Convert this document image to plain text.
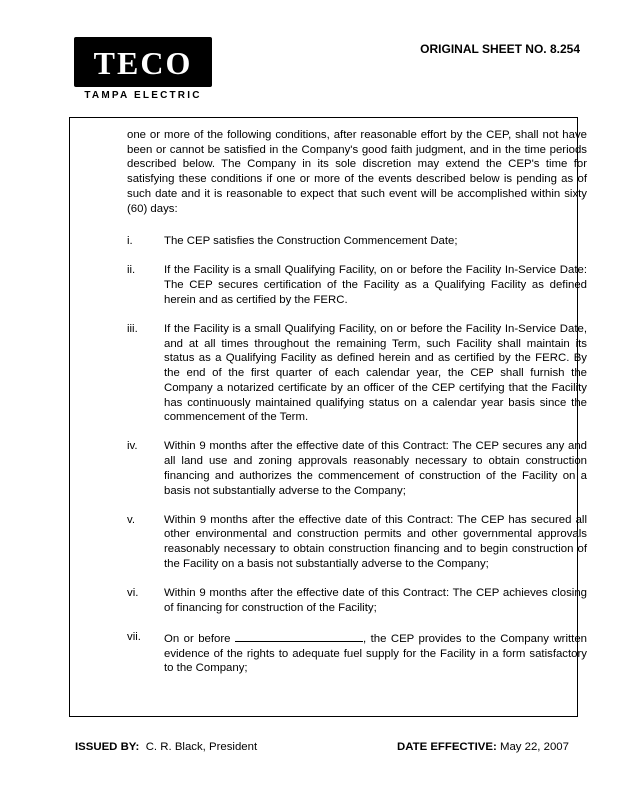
TECO
TAMPA ELECTRIC
ORIGINAL SHEET NO. 8.254

one or more of the following conditions, after reasonable effort by the CEP, shall not have been or cannot be satisfied in the Company's good faith judgment, and in the time periods described below. The Company in its sole discretion may extend the CEP's time for satisfying these conditions if one or more of the events described below is pending as of such date and it is reasonable to expect that such event will be accomplished within sixty (60) days:

i.	The CEP satisfies the Construction Commencement Date;
ii.	If the Facility is a small Qualifying Facility, on or before the Facility In-Service Date: The CEP secures certification of the Facility as a Qualifying Facility as defined herein and as certified by the FERC.
iii.	If the Facility is a small Qualifying Facility, on or before the Facility In-Service Date, and at all times throughout the remaining Term, such Facility shall maintain its status as a Qualifying Facility as defined herein and as certified by the FERC. By the end of the first quarter of each calendar year, the CEP shall furnish the Company a notarized certificate by an officer of the CEP certifying that the Facility has continuously maintained qualifying status on a calendar year basis since the commencement of the Term.
iv.	Within 9 months after the effective date of this Contract: The CEP secures any and all land use and zoning approvals reasonably necessary to obtain construction financing and authorizes the commencement of construction of the Facility on a basis not substantially adverse to the Company;
v.	Within 9 months after the effective date of this Contract: The CEP has secured all other environmental and construction permits and other governmental approvals reasonably necessary to obtain construction financing and to begin construction of the Facility on a basis not substantially adverse to the Company;
vi.	Within 9 months after the effective date of this Contract: The CEP achieves closing of financing for construction of the Facility;
vii.	On or before	, the CEP provides to the Company written evidence of the rights to adequate fuel supply for the Facility in a form satisfactory to the Company;
ISSUED BY: C. R. Black, President	DATE EFFECTIVE: May 22, 2007
